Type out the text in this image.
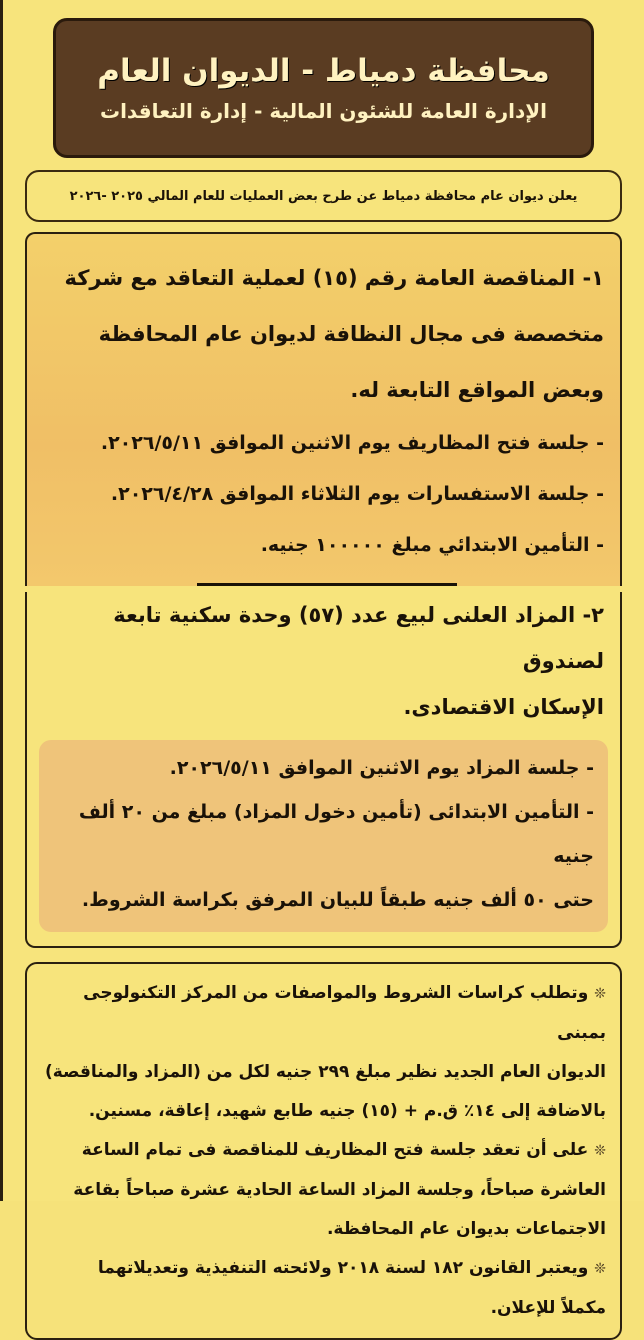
محافظة دمياط - الديوان العام
الإدارة العامة للشئون المالية - إدارة التعاقدات
يعلن ديوان عام محافظة دمياط عن طرح بعض العمليات للعام المالي ٢٠٢٥ -٢٠٢٦
١- المناقصة العامة رقم (١٥) لعملية التعاقد مع شركة
متخصصة فى مجال النظافة لديوان عام المحافظة
وبعض المواقع التابعة له.
- جلسة فتح المظاريف يوم الاثنين الموافق ٢٠٢٦/٥/١١.
- جلسة الاستفسارات يوم الثلاثاء الموافق ٢٠٢٦/٤/٢٨.
- التأمين الابتدائي مبلغ ١٠٠٠٠٠ جنيه.
٢- المزاد العلنى لبيع عدد (٥٧) وحدة سكنية تابعة لصندوق
الإسكان الاقتصادى.
- جلسة المزاد يوم الاثنين الموافق ٢٠٢٦/٥/١١.
- التأمين الابتدائى (تأمين دخول المزاد) مبلغ من ٢٠ ألف جنيه
حتى ٥٠ ألف جنيه طبقاً للبيان المرفق بكراسة الشروط.
❊وتطلب كراسات الشروط والمواصفات من المركز التكنولوجى بمبنى
الديوان العام الجديد نظير مبلغ ٢٩٩ جنيه لكل من (المزاد والمناقصة)
بالاضافة إلى ١٤٪ ق.م + (١٥) جنيه طابع شهيد، إعاقة، مسنين.
❊على أن تعقد جلسة فتح المظاريف للمناقصة فى تمام الساعة
العاشرة صباحاً، وجلسة المزاد الساعة الحادية عشرة صباحاً بقاعة
الاجتماعات بديوان عام المحافظة.
❊ويعتبر القانون ١٨٢ لسنة ٢٠١٨ ولائحته التنفيذية وتعديلاتهما
مكملاً للإعلان.
